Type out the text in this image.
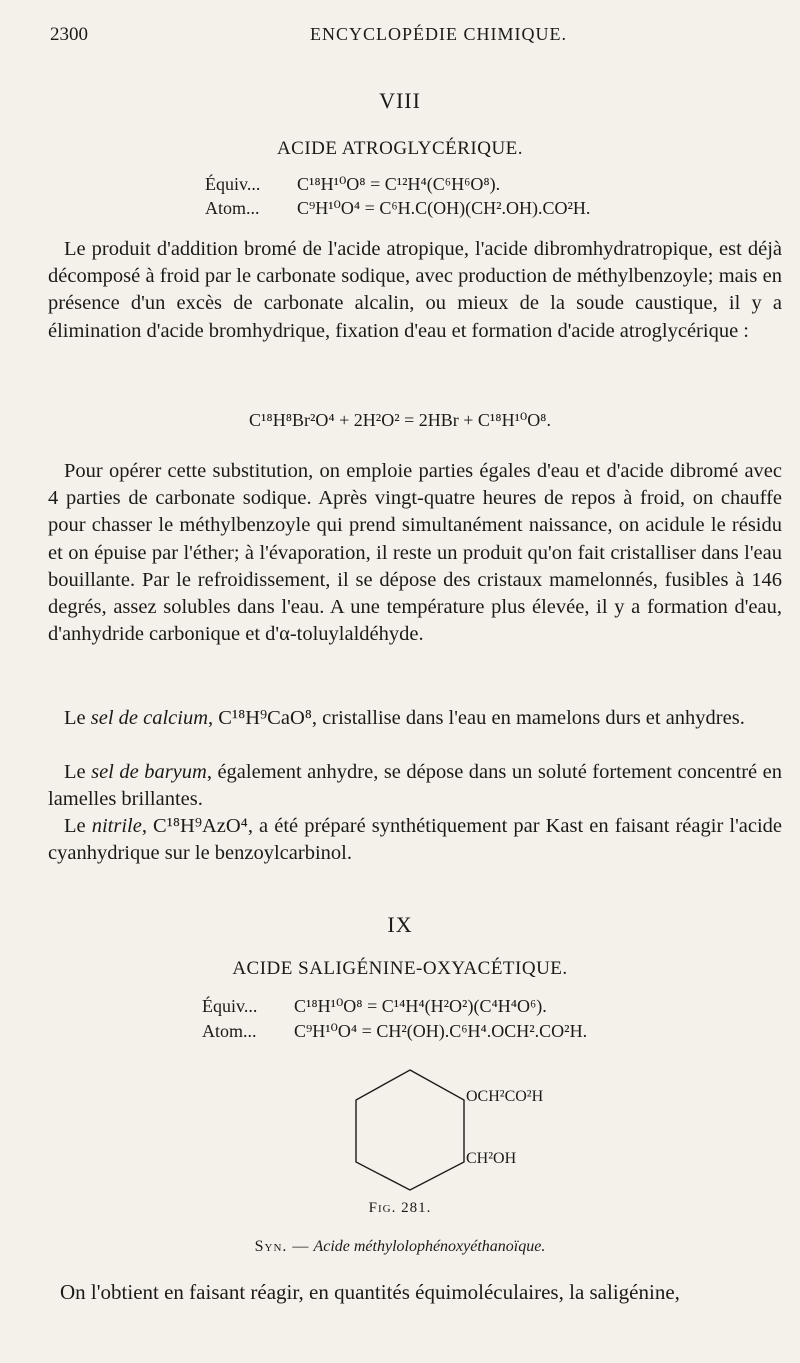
2300	ENCYCLOPÉDIE CHIMIQUE.
VIII
ACIDE ATROGLYCÉRIQUE.
Équiv... C¹⁸H¹⁰O⁸ = C¹²H⁴(C⁶H⁶O⁸).
Atom... C⁹H¹⁰O⁴ = C⁶H.C(OH)(CH².OH).CO²H.

Le produit d'addition bromé de l'acide atropique, l'acide dibromhydratropique, est déjà décomposé à froid par le carbonate sodique, avec production de méthylbenzoyle; mais en présence d'un excès de carbonate alcalin, ou mieux de la soude caustique, il y a élimination d'acide bromhydrique, fixation d'eau et formation d'acide atroglycérique :

C¹⁸H⁸Br²O⁴ + 2H²O² = 2HBr + C¹⁸H¹⁰O⁸.

Pour opérer cette substitution, on emploie parties égales d'eau et d'acide dibromé avec 4 parties de carbonate sodique. Après vingt-quatre heures de repos à froid, on chauffe pour chasser le méthylbenzoyle qui prend simultanément naissance, on acidule le résidu et on épuise par l'éther; à l'évaporation, il reste un produit qu'on fait cristalliser dans l'eau bouillante. Par le refroidissement, il se dépose des cristaux mamelonnés, fusibles à 146 degrés, assez solubles dans l'eau. A une température plus élevée, il y a formation d'eau, d'anhydride carbonique et d'α-toluylaldéhyde.

Le sel de calcium, C¹⁸H⁹CaO⁸, cristallise dans l'eau en mamelons durs et anhydres.

Le sel de baryum, également anhydre, se dépose dans un soluté fortement concentré en lamelles brillantes.

Le nitrile, C¹⁸H⁹AzO⁴, a été préparé synthétiquement par Kast en faisant réagir l'acide cyanhydrique sur le benzoylcarbinol.

IX
ACIDE SALIGÉNINE-OXYACÉTIQUE.
Équiv... C¹⁸H¹⁰O⁸ = C¹⁴H⁴(H²O²)(C⁴H⁴O⁶).
Atom... C⁹H¹⁰O⁴ = CH²(OH).C⁶H⁴.OCH².CO²H.
OCH²CO²H
CH²OH
Fig. 281.
Syn. — Acide méthylolophénoxyéthanoïque.
On l'obtient en faisant réagir, en quantités équimoléculaires, la saligénine,
